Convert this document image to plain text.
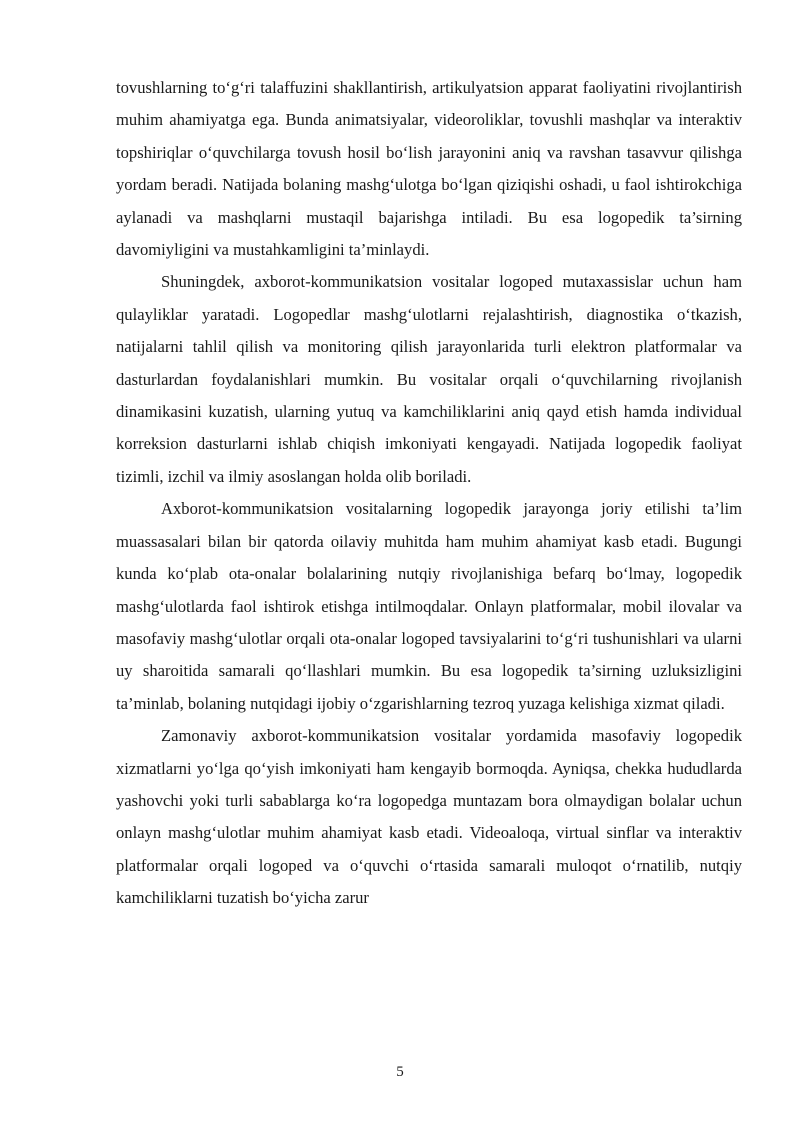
tovushlarning to‘g‘ri talaffuzini shakllantirish, artikulyatsion apparat faoliyatini rivojlantirish muhim ahamiyatga ega. Bunda animatsiyalar, videoroliklar, tovushli mashqlar va interaktiv topshiriqlar o‘quvchilarga tovush hosil bo‘lish jarayonini aniq va ravshan tasavvur qilishga yordam beradi. Natijada bolaning mashg‘ulotga bo‘lgan qiziqishi oshadi, u faol ishtirokchiga aylanadi va mashqlarni mustaqil bajarishga intiladi. Bu esa logopedik ta’sirning davomiyligini va mustahkamligini ta’minlaydi.

Shuningdek, axborot-kommunikatsion vositalar logoped mutaxassislar uchun ham qulayliklar yaratadi. Logopedlar mashg‘ulotlarni rejalashtirish, diagnostika o‘tkazish, natijalarni tahlil qilish va monitoring qilish jarayonlarida turli elektron platformalar va dasturlardan foydalanishlari mumkin. Bu vositalar orqali o‘quvchilarning rivojlanish dinamikasini kuzatish, ularning yutuq va kamchiliklarini aniq qayd etish hamda individual korreksion dasturlarni ishlab chiqish imkoniyati kengayadi. Natijada logopedik faoliyat tizimli, izchil va ilmiy asoslangan holda olib boriladi.

Axborot-kommunikatsion vositalarning logopedik jarayonga joriy etilishi ta’lim muassasalari bilan bir qatorda oilaviy muhitda ham muhim ahamiyat kasb etadi. Bugungi kunda ko‘plab ota-onalar bolalarining nutqiy rivojlanishiga befarq bo‘lmay, logopedik mashg‘ulotlarda faol ishtirok etishga intilmoqdalar. Onlayn platformalar, mobil ilovalar va masofaviy mashg‘ulotlar orqali ota-onalar logoped tavsiyalarini to‘g‘ri tushunishlari va ularni uy sharoitida samarali qo‘llashlari mumkin. Bu esa logopedik ta’sirning uzluksizligini ta’minlab, bolaning nutqidagi ijobiy o‘zgarishlarning tezroq yuzaga kelishiga xizmat qiladi.

Zamonaviy axborot-kommunikatsion vositalar yordamida masofaviy logopedik xizmatlarni yo‘lga qo‘yish imkoniyati ham kengayib bormoqda. Ayniqsa, chekka hududlarda yashovchi yoki turli sabablarga ko‘ra logopedga muntazam bora olmaydigan bolalar uchun onlayn mashg‘ulotlar muhim ahamiyat kasb etadi. Videoaloqa, virtual sinflar va interaktiv platformalar orqali logoped va o‘quvchi o‘rtasida samarali muloqot o‘rnatilib, nutqiy kamchiliklarni tuzatish bo‘yicha zarur

5
